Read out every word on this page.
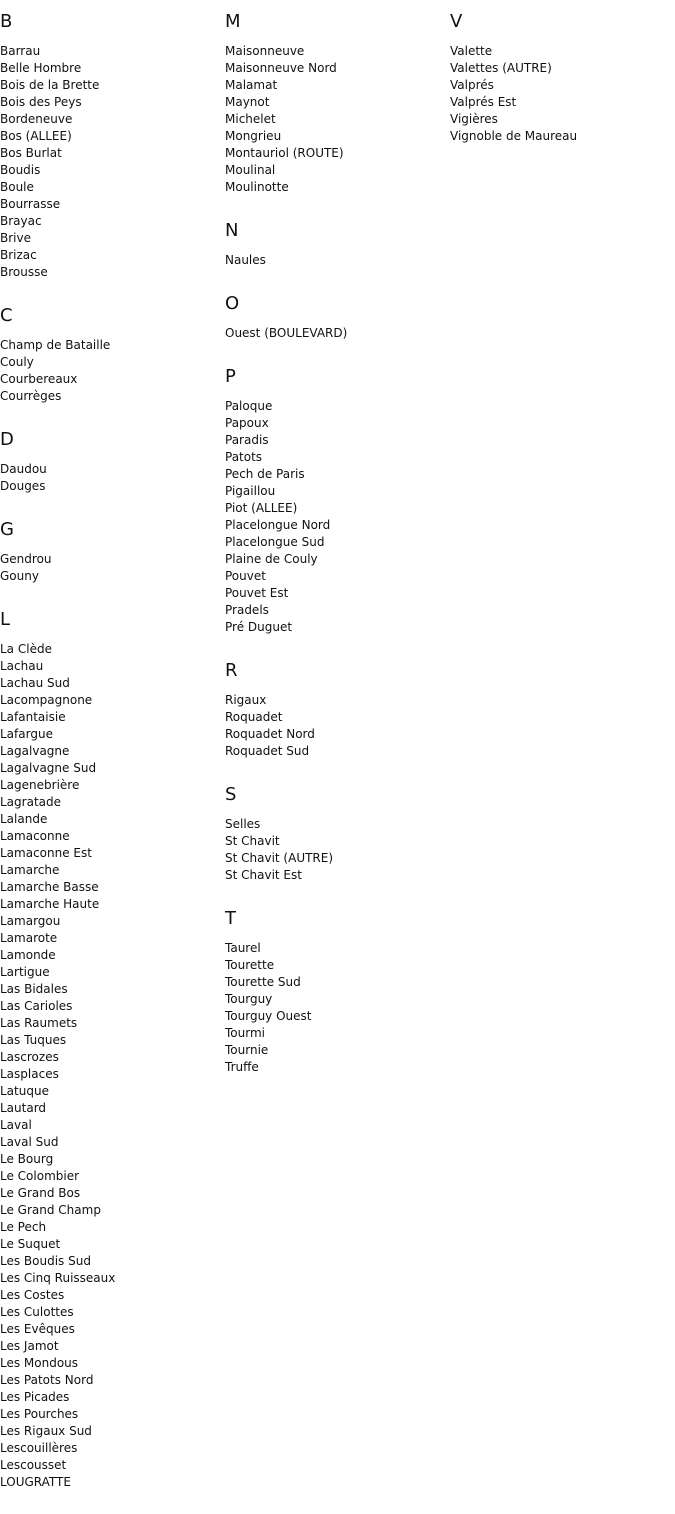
B
Barrau
Belle Hombre
Bois de la Brette
Bois des Peys
Bordeneuve
Bos (ALLEE)
Bos Burlat
Boudis
Boule
Bourrasse
Brayac
Brive
Brizac
Brousse
C
Champ de Bataille
Couly
Courbereaux
Courrèges
D
Daudou
Douges
G
Gendrou
Gouny
L
La Clède
Lachau
Lachau Sud
Lacompagnone
Lafantaisie
Lafargue
Lagalvagne
Lagalvagne Sud
Lagenebrière
Lagratade
Lalande
Lamaconne
Lamaconne Est
Lamarche
Lamarche Basse
Lamarche Haute
Lamargou
Lamarote
Lamonde
Lartigue
Las Bidales
Las Carioles
Las Raumets
Las Tuques
Lascrozes
Lasplaces
Latuque
Lautard
Laval
Laval Sud
Le Bourg
Le Colombier
Le Grand Bos
Le Grand Champ
Le Pech
Le Suquet
Les Boudis Sud
Les Cinq Ruisseaux
Les Costes
Les Culottes
Les Evêques
Les Jamot
Les Mondous
Les Patots Nord
Les Picades
Les Pourches
Les Rigaux Sud
Lescouillères
Lescousset
LOUGRATTE
M
Maisonneuve
Maisonneuve Nord
Malamat
Maynot
Michelet
Mongrieu
Montauriol (ROUTE)
Moulinal
Moulinotte
N
Naules
O
Ouest (BOULEVARD)
P
Paloque
Papoux
Paradis
Patots
Pech de Paris
Pigaillou
Piot (ALLEE)
Placelongue Nord
Placelongue Sud
Plaine de Couly
Pouvet
Pouvet Est
Pradels
Pré Duguet
R
Rigaux
Roquadet
Roquadet Nord
Roquadet Sud
S
Selles
St Chavit
St Chavit (AUTRE)
St Chavit Est
T
Taurel
Tourette
Tourette Sud
Tourguy
Tourguy Ouest
Tourmi
Tournie
Truffe
V
Valette
Valettes (AUTRE)
Valprés
Valprés Est
Vigières
Vignoble de Maureau
